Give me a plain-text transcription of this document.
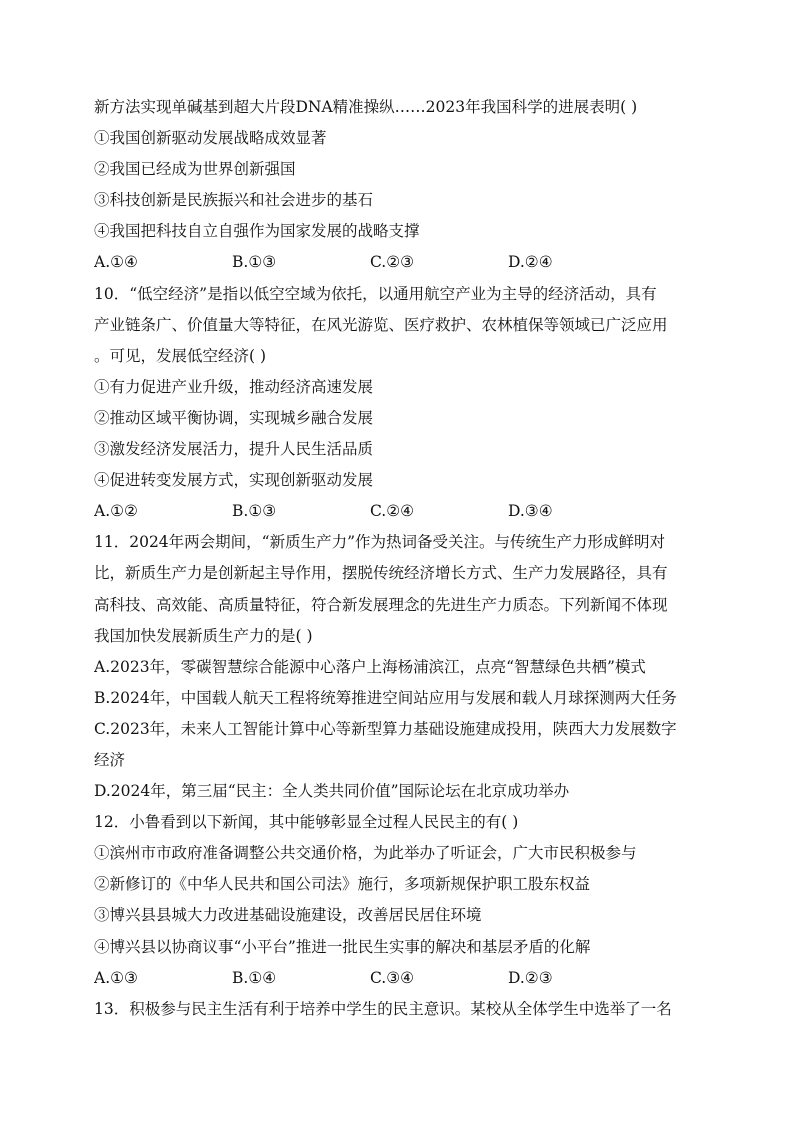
新方法实现单碱基到超大片段DNA精准操纵……2023年我国科学的进展表明( )
①我国创新驱动发展战略成效显著
②我国已经成为世界创新强国
③科技创新是民族振兴和社会进步的基石
④我国把科技自立自强作为国家发展的战略支撑
A.①④	B.①③	C.②③	D.②④
10．“低空经济”是指以低空空域为依托，以通用航空产业为主导的经济活动，具有
产业链条广、价值量大等特征，在风光游览、医疗救护、农林植保等领域已广泛应用
。可见，发展低空经济( )
①有力促进产业升级，推动经济高速发展
②推动区域平衡协调，实现城乡融合发展
③激发经济发展活力，提升人民生活品质
④促进转变发展方式，实现创新驱动发展
A.①②	B.①③	C.②④	D.③④
11．2024年两会期间，“新质生产力”作为热词备受关注。与传统生产力形成鲜明对
比，新质生产力是创新起主导作用，摆脱传统经济增长方式、生产力发展路径，具有
高科技、高效能、高质量特征，符合新发展理念的先进生产力质态。下列新闻不体现
我国加快发展新质生产力的是( )
A.2023年，零碳智慧综合能源中心落户上海杨浦滨江，点亮“智慧绿色共栖”模式
B.2024年，中国载人航天工程将统筹推进空间站应用与发展和载人月球探测两大任务
C.2023年，未来人工智能计算中心等新型算力基础设施建成投用，陕西大力发展数字
经济
D.2024年，第三届“民主：全人类共同价值”国际论坛在北京成功举办
12．小鲁看到以下新闻，其中能够彰显全过程人民民主的有( )
①滨州市市政府准备调整公共交通价格，为此举办了听证会，广大市民积极参与
②新修订的《中华人民共和国公司法》施行，多项新规保护职工股东权益
③博兴县县城大力改进基础设施建设，改善居民居住环境
④博兴县以协商议事“小平台”推进一批民生实事的解决和基层矛盾的化解
A.①③	B.①④	C.③④	D.②③
13．积极参与民主生活有利于培养中学生的民主意识。某校从全体学生中选举了一名
